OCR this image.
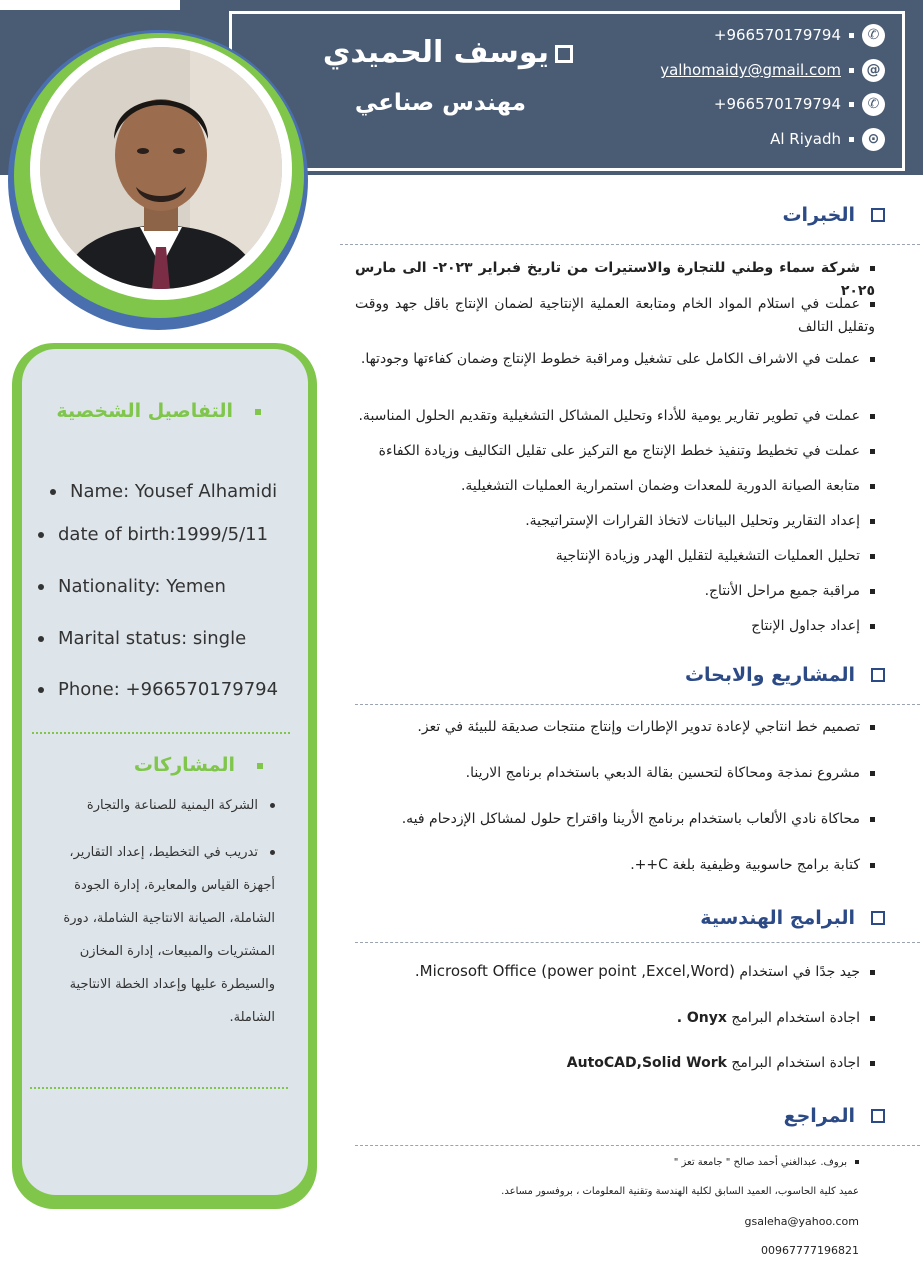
يوسف الحميدي
مهندس صناعي
+966570179794	✆
yalhomaidy@gmail.com	@
+966570179794	✆
Al Riyadh	⊙
التفاصيل الشخصية
Name: Yousef Alhamidi
date of birth:1999/5/11
Nationality: Yemen
Marital status: single
Phone: +966570179794
المشاركات
الشركة اليمنية للصناعة والتجارة
تدريب في التخطيط، إعداد التقارير، أجهزة القياس والمعايرة، إدارة الجودة الشاملة، الصيانة الانتاجية الشاملة، دورة المشتريات والمبيعات، إدارة المخازن والسيطرة عليها وإعداد الخطة الانتاجية الشاملة.
الخبرات
شركة سماء وطني للتجارة والاستيرات من تاريخ فبراير ٢٠٢٣- الى مارس ٢٠٢٥
عملت في استلام المواد الخام ومتابعة العملية الإنتاجية لضمان الإنتاج باقل جهد ووقت وتقليل التالف
عملت في الاشراف الكامل على تشغيل ومراقبة خطوط الإنتاج وضمان كفاءتها وجودتها.
عملت في تطوير تقارير يومية للأداء وتحليل المشاكل التشغيلية وتقديم الحلول المناسبة.
عملت في تخطيط وتنفيذ خطط الإنتاج مع التركيز على تقليل التكاليف وزيادة الكفاءة
متابعة الصيانة الدورية للمعدات وضمان استمرارية العمليات التشغيلية.
إعداد التقارير وتحليل البيانات لاتخاذ القرارات الإستراتيجية.
تحليل العمليات التشغيلية لتقليل الهدر وزيادة الإنتاجية
مراقبة جميع مراحل الأنتاج.
إعداد جداول الإنتاج
المشاريع والابحاث
تصميم خط انتاجي لإعادة تدوير الإطارات وإنتاج منتجات صديقة للبيئة في تعز.
مشروع نمذجة ومحاكاة لتحسين بقالة الدبعي باستخدام برنامج الارينا.
محاكاة نادي الألعاب باستخدام برنامج الأرينا واقتراح حلول لمشاكل الإزدحام فيه.
كتابة برامج حاسوبية وظيفية بلغة C++.
البرامج الهندسية
جيد جدًا في استخدام Microsoft Office (power point ,Excel,Word).
اجادة استخدام البرامج Onyx .
اجادة استخدام البرامج AutoCAD,Solid Work
المراجع
بروف. عبدالغني أحمد صالح " جامعة تعز "
عميد كلية الحاسوب، العميد السابق لكلية الهندسة وتقنية المعلومات ، بروفسور مساعد.
gsaleha@yahoo.com
00967777196821
